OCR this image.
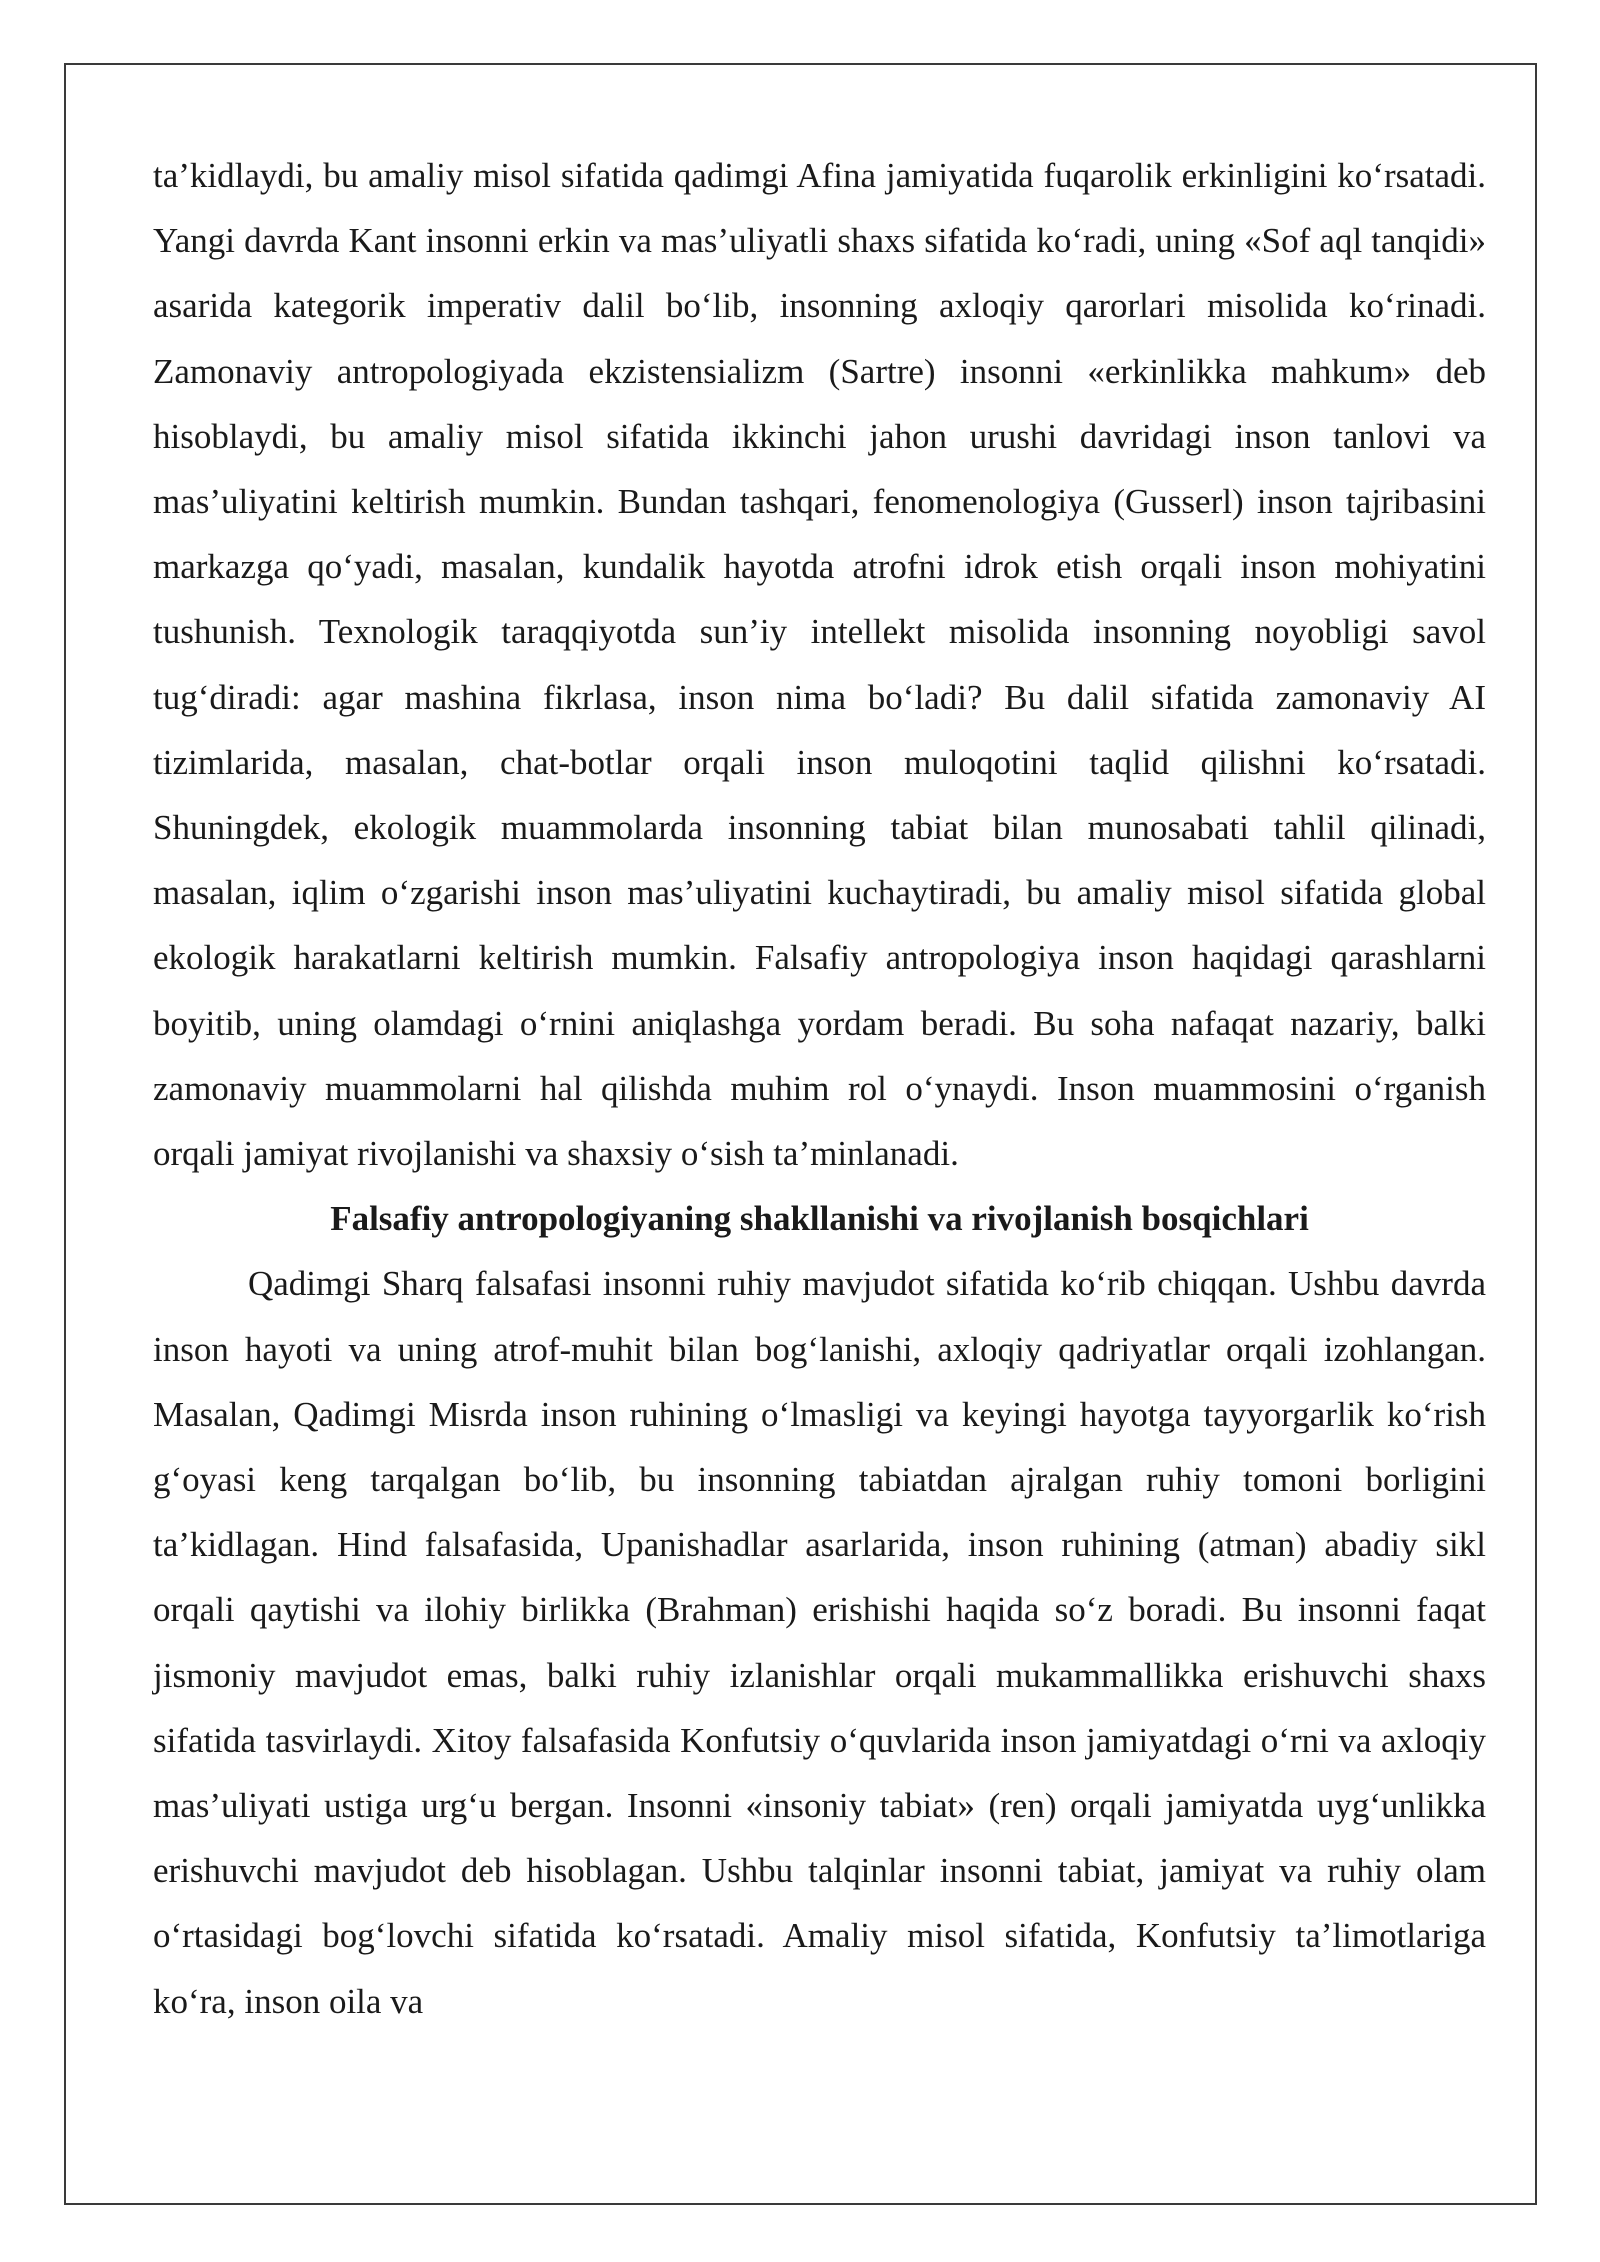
ta’kidlaydi, bu amaliy misol sifatida qadimgi Afina jamiyatida fuqarolik erkinligini ko‘rsatadi. Yangi davrda Kant insonni erkin va mas’uliyatli shaxs sifatida ko‘radi, uning «Sof aql tanqidi» asarida kategorik imperativ dalil bo‘lib, insonning axloqiy qarorlari misolida ko‘rinadi. Zamonaviy antropologiyada ekzistensializm (Sartre) insonni «erkinlikka mahkum» deb hisoblaydi, bu amaliy misol sifatida ikkinchi jahon urushi davridagi inson tanlovi va mas’uliyatini keltirish mumkin. Bundan tashqari, fenomenologiya (Gusserl) inson tajribasini markazga qo‘yadi, masalan, kundalik hayotda atrofni idrok etish orqali inson mohiyatini tushunish. Texnologik taraqqiyotda sun’iy intellekt misolida insonning noyobligi savol tug‘diradi: agar mashina fikrlasa, inson nima bo‘ladi? Bu dalil sifatida zamonaviy AI tizimlarida, masalan, chat-botlar orqali inson muloqotini taqlid qilishni ko‘rsatadi. Shuningdek, ekologik muammolarda insonning tabiat bilan munosabati tahlil qilinadi, masalan, iqlim o‘zgarishi inson mas’uliyatini kuchaytiradi, bu amaliy misol sifatida global ekologik harakatlarni keltirish mumkin. Falsafiy antropologiya inson haqidagi qarashlarni boyitib, uning olamdagi o‘rnini aniqlashga yordam beradi. Bu soha nafaqat nazariy, balki zamonaviy muammolarni hal qilishda muhim rol o‘ynaydi. Inson muammosini o‘rganish orqali jamiyat rivojlanishi va shaxsiy o‘sish ta’minlanadi.

Falsafiy antropologiyaning shakllanishi va rivojlanish bosqichlari

Qadimgi Sharq falsafasi insonni ruhiy mavjudot sifatida ko‘rib chiqqan. Ushbu davrda inson hayoti va uning atrof-muhit bilan bog‘lanishi, axloqiy qadriyatlar orqali izohlangan. Masalan, Qadimgi Misrda inson ruhining o‘lmasligi va keyingi hayotga tayyorgarlik ko‘rish g‘oyasi keng tarqalgan bo‘lib, bu insonning tabiatdan ajralgan ruhiy tomoni borligini ta’kidlagan. Hind falsafasida, Upanishadlar asarlarida, inson ruhining (atman) abadiy sikl orqali qaytishi va ilohiy birlikka (Brahman) erishishi haqida so‘z boradi. Bu insonni faqat jismoniy mavjudot emas, balki ruhiy izlanishlar orqali mukammallikka erishuvchi shaxs sifatida tasvirlaydi. Xitoy falsafasida Konfutsiy o‘quvlarida inson jamiyatdagi o‘rni va axloqiy mas’uliyati ustiga urg‘u bergan. Insonni «insoniy tabiat» (ren) orqali jamiyatda uyg‘unlikka erishuvchi mavjudot deb hisoblagan. Ushbu talqinlar insonni tabiat, jamiyat va ruhiy olam o‘rtasidagi bog‘lovchi sifatida ko‘rsatadi. Amaliy misol sifatida, Konfutsiy ta’limotlariga ko‘ra, inson oila va
